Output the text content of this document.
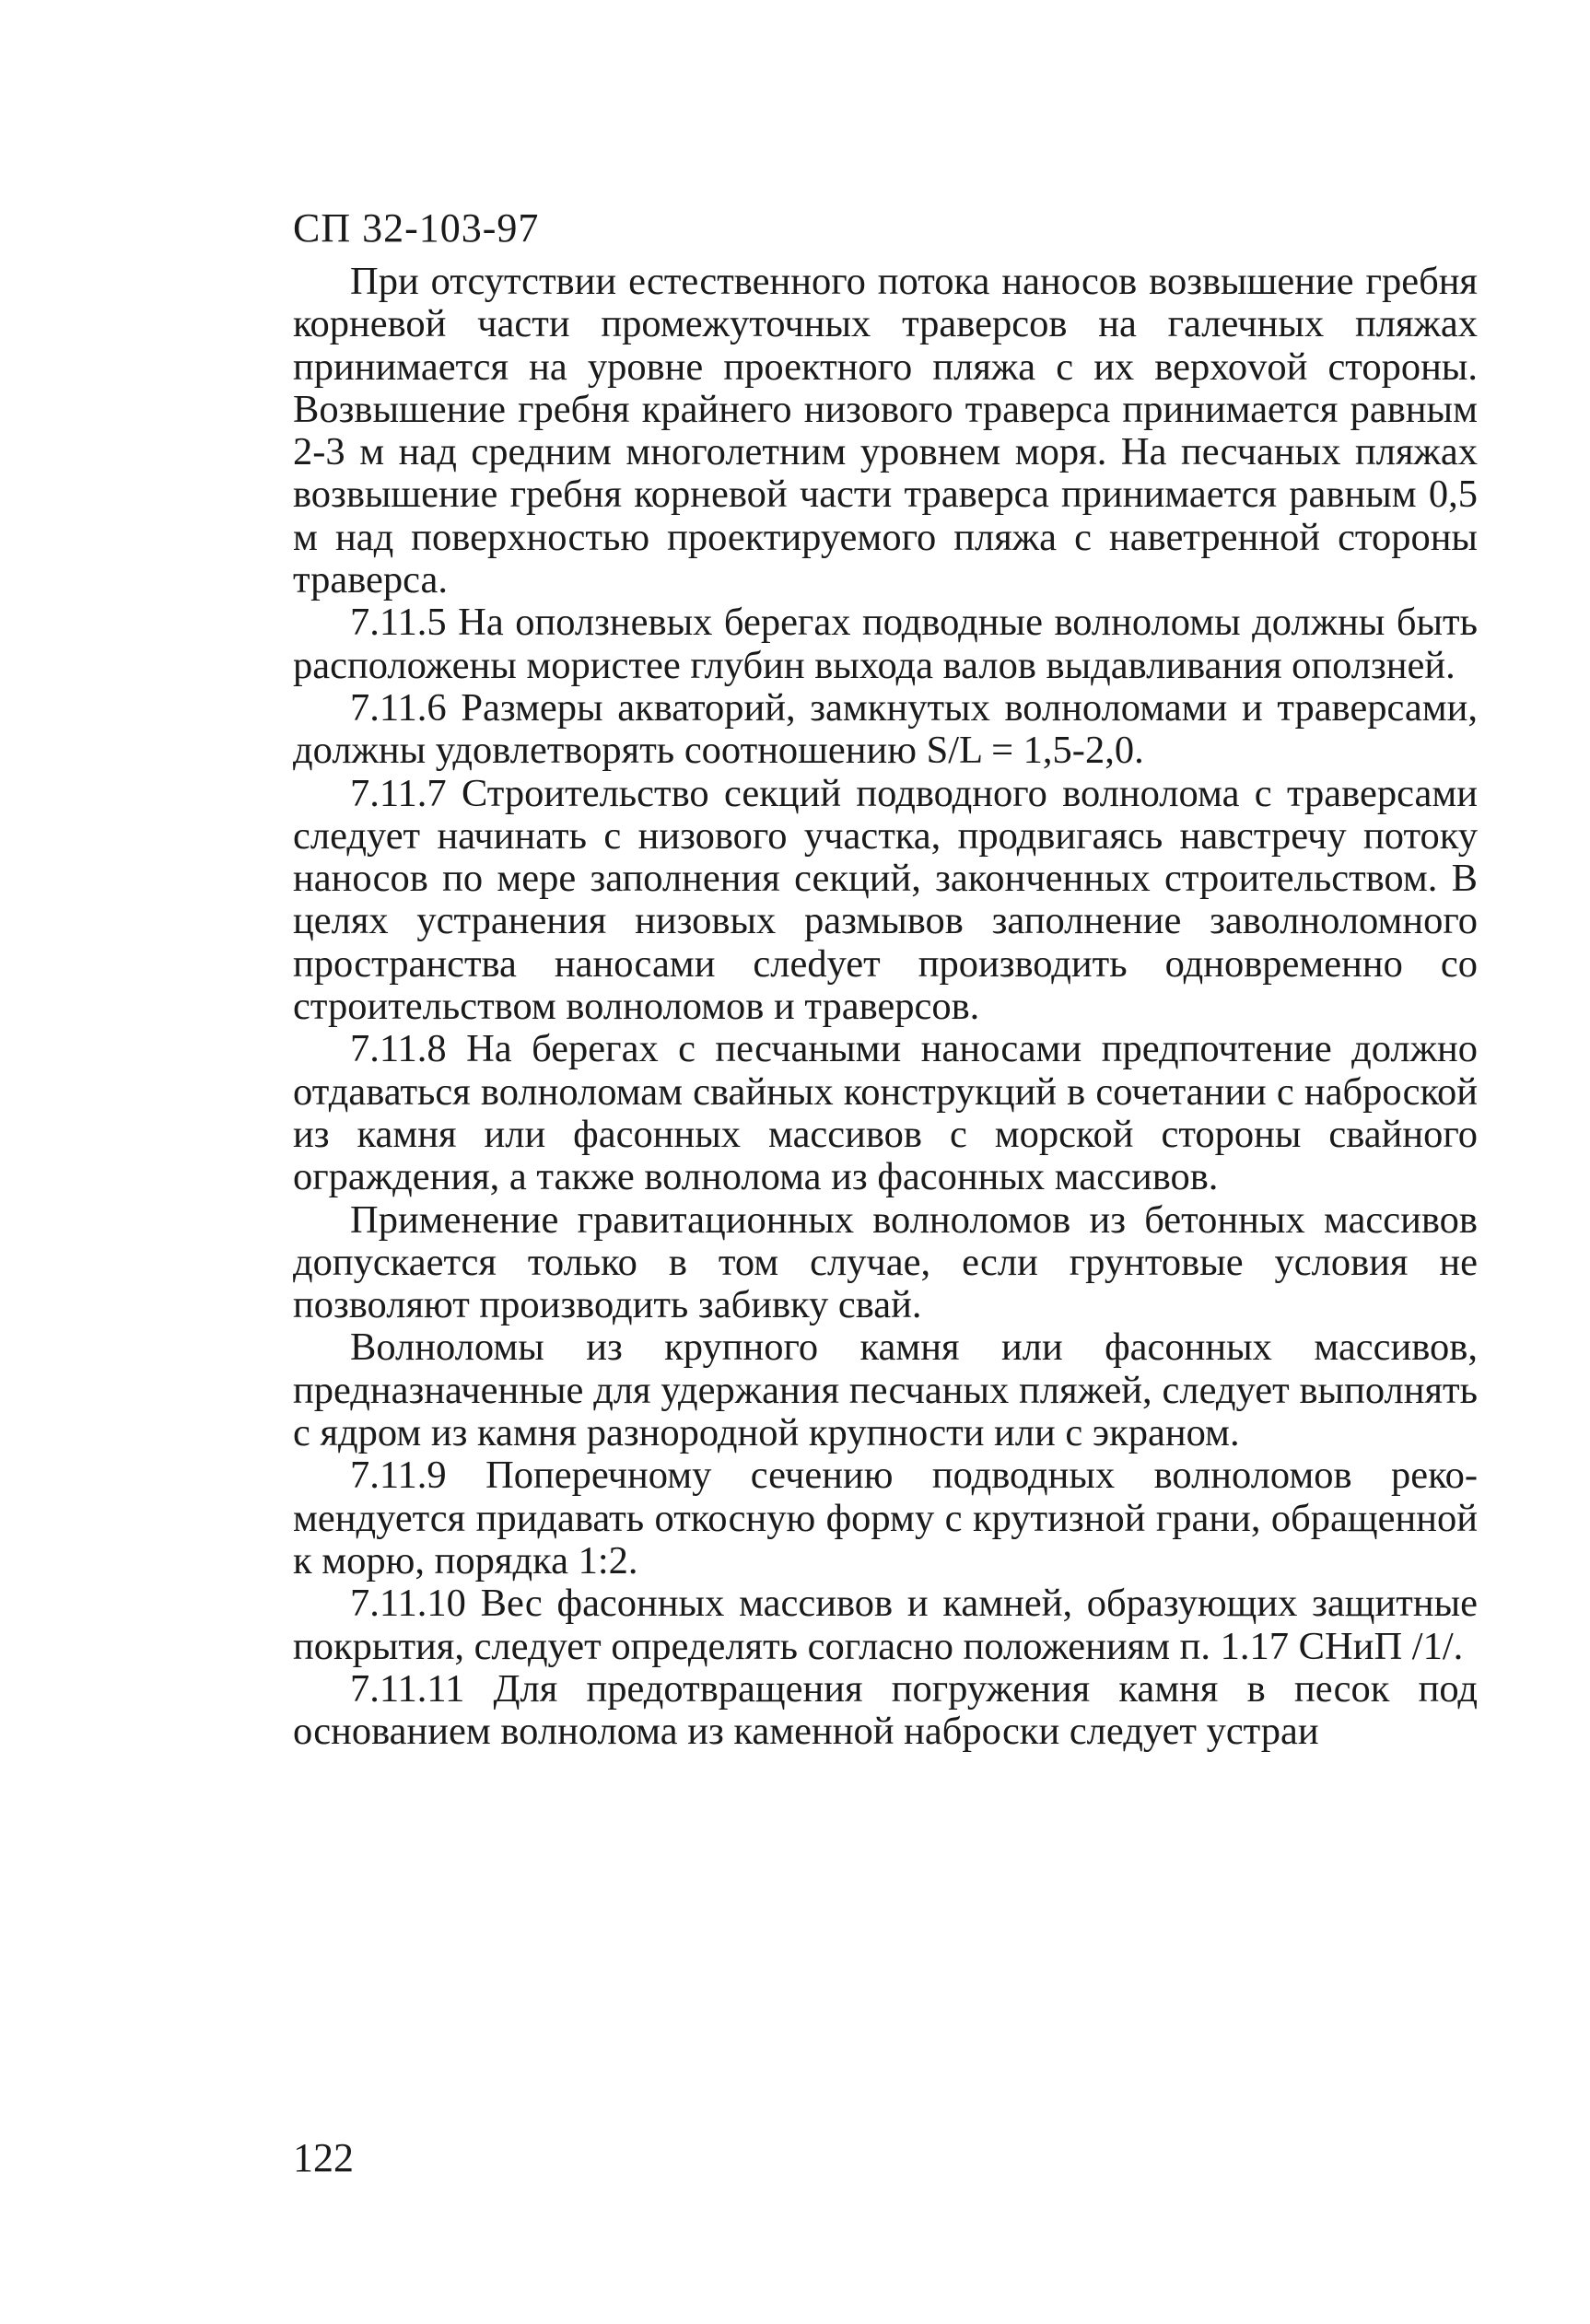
СП 32-103-97

При отсутствии естественного потока наносов возвышение гребня корневой части промежуточных траверсов на галечных пляжах принимается на уровне проектного пляжа с их верхоvой стороны. Возвышение гребня крайнего низового траверса принимается равным 2-3 м над средним многолетним уровнем моря. На песчаных пляжах возвышение гребня корневой части траверса принимается равным 0,5 м над поверхностью проектируемого пляжа с наветренной стороны траверса.

7.11.5 На оползневых берегах подводные волноломы должны быть расположены мористее глубин выхода валов выдавливания оползней.

7.11.6 Размеры акваторий, замкнутых волноломами и траверсами, должны удовлетворять соотношению S/L = 1,5-2,0.

7.11.7 Строительство секций подводного волнолома с траверсами следует начинать с низового участка, продвигаясь навстречу потоку наносов по мере заполнения секций, законченных строительством. В целях устранения низовых размывов заполнение заволноломного пространства наносами слеdует производить одновременно со строительством волноломов и траверсов.

7.11.8 На берегах с песчаными наносами предпочтение должно отдаваться волноломам свайных конструкций в сочетании с наброской из камня или фасонных массивов с морской стороны свайного ограждения, а также волнолома из фасонных массивов.

Применение гравитационных волноломов из бетонных массивов допускается только в том случае, если грунтовые условия не позволяют производить забивку свай.

Волноломы из крупного камня или фасонных массивов, предназначенные для удержания песчаных пляжей, следует выполнять с ядром из камня разнородной крупности или с экраном.

7.11.9 Поперечному сечению подводных волноломов рекомендуется придавать откосную форму с крутизной грани, обращенной к морю, порядка 1:2.

7.11.10 Вес фасонных массивов и камней, образующих защитные покрытия, следует определять согласно положениям п. 1.17 СНиП /1/.

7.11.11 Для предотвращения погружения камня в песок под основанием волнолома из каменной наброски следует устраи

122
